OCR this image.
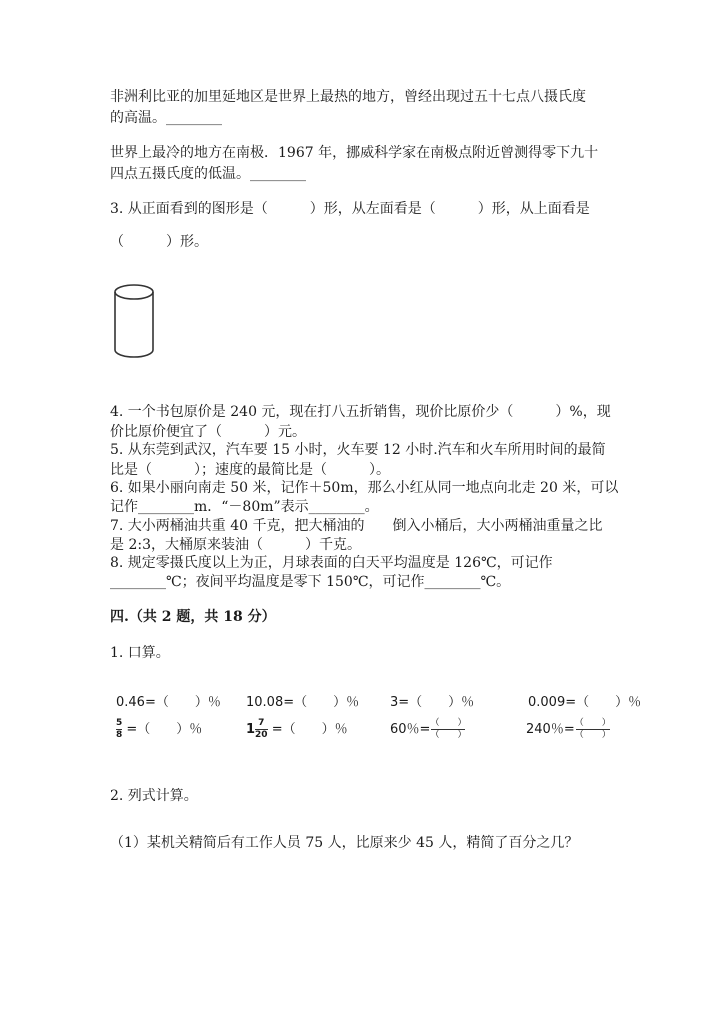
非洲利比亚的加里延地区是世界上最热的地方，曾经出现过五十七点八摄氏度
的高温。________
世界上最冷的地方在南极．1967 年，挪威科学家在南极点附近曾测得零下九十
四点五摄氏度的低温。________
3. 从正面看到的图形是（　　　）形，从左面看是（　　　）形，从上面看是
（　　　）形。
4. 一个书包原价是 240 元，现在打八五折销售，现价比原价少（　　　）%，现
价比原价便宜了（　　　）元。
5. 从东莞到武汉，汽车要 15 小时，火车要 12 小时.汽车和火车所用时间的最简
比是（　　　）；速度的最简比是（　　　）。
6. 如果小丽向南走 50 米，记作＋50m，那么小红从同一地点向北走 20 米，可以
记作________m．“－80m”表示________。
7. 大小两桶油共重 40 千克，把大桶油的　　倒入小桶后，大小两桶油重量之比
是 2:3，大桶原来装油（　　　）千克。
8. 规定零摄氏度以上为正，月球表面的白天平均温度是 126℃，可记作
________℃；夜间平均温度是零下 150℃，可记作________℃。
四.（共 2 题，共 18 分）
1. 口算。
0.46=（　　）％ 10.08=（　　）％ 3=（　　）％	0.009=（　　）％
$\frac{5}{8}$ =（　　）％	$1 \frac{7}{20}$ =（　　）％	60％= $\frac{( )}{( )}$	240％= $\frac{( )}{( )}$
2. 列式计算。
（1）某机关精简后有工作人员 75 人，比原来少 45 人，精简了百分之几？
